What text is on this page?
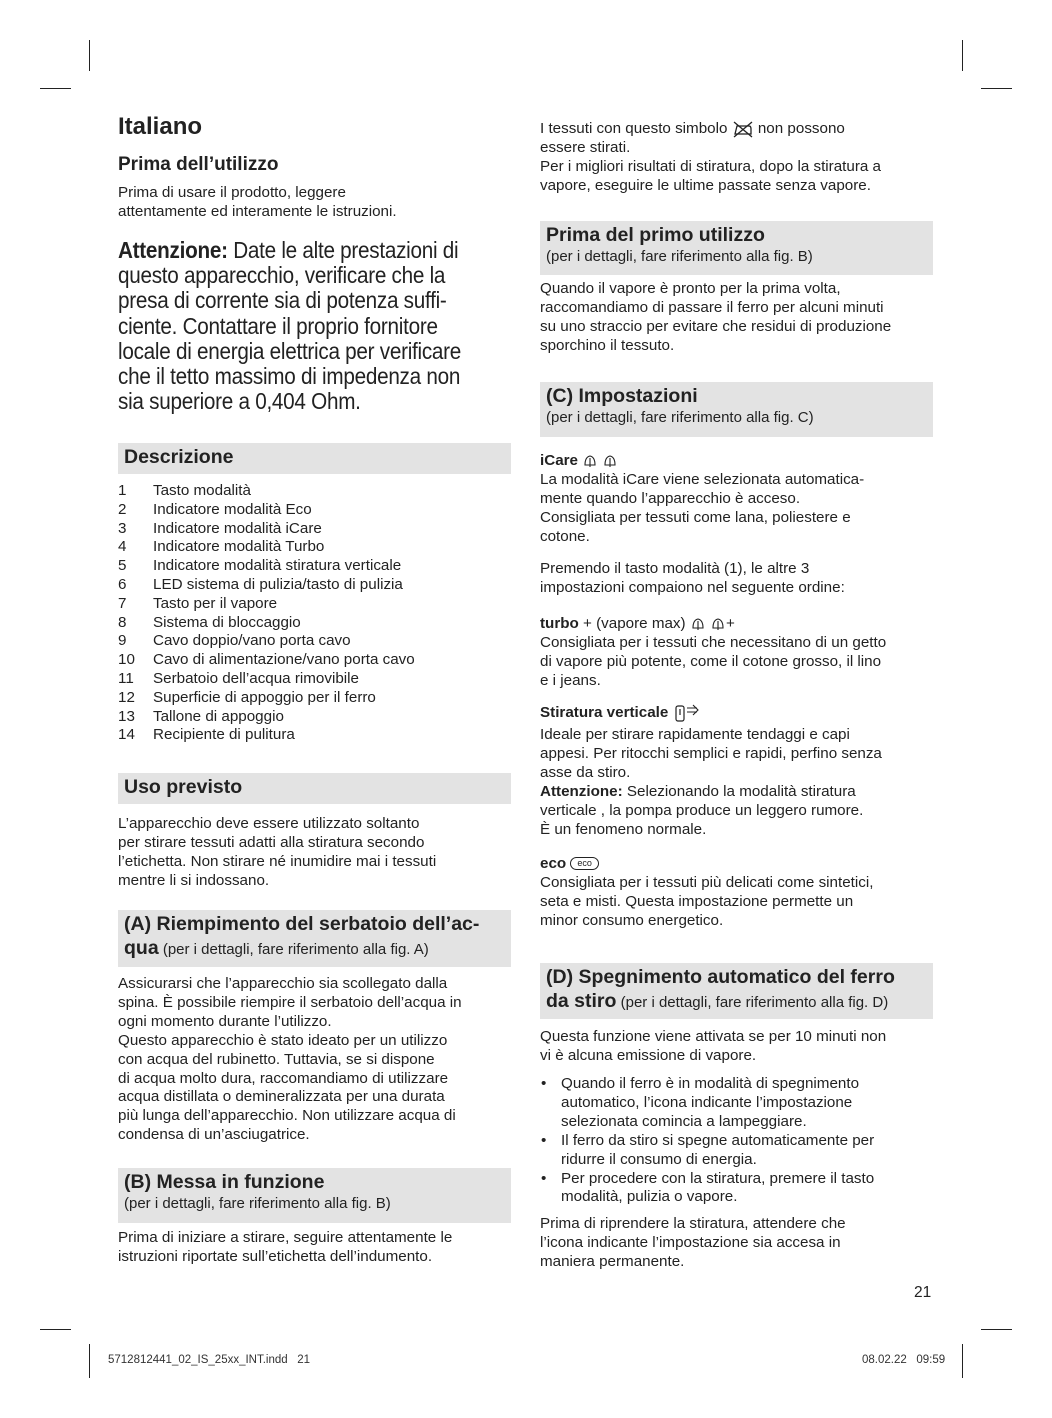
Italiano
Prima dell’utilizzo

Prima di usare il prodotto, leggere

attentamente ed interamente le istruzioni.

Attenzione: Date le alte prestazioni di
questo apparecchio, verificare che la
presa di corrente sia di potenza suffi-
ciente. Contattare il proprio fornitore
locale di energia elettrica per verificare
che il tetto massimo di impedenza non
sia superiore a 0,404 Ohm.
Descrizione
1	Tasto modalità
2	Indicatore modalità Eco
3	Indicatore modalità iCare
4	Indicatore modalità Turbo
5	Indicatore modalità stiratura verticale
6	LED sistema di pulizia/tasto di pulizia
7	Tasto per il vapore
8	Sistema di bloccaggio
9	Cavo doppio/vano porta cavo
10	Cavo di alimentazione/vano porta cavo
11	Serbatoio dell’acqua rimovibile
12	Superficie di appoggio per il ferro
13	Tallone di appoggio
14	Recipiente di pulitura
Uso previsto

L’apparecchio deve essere utilizzato soltanto

per stirare tessuti adatti alla stiratura secondo

l’etichetta. Non stirare né inumidire mai i tessuti

mentre li si indossano.

(A) Riempimento del serbatoio dell’ac-
qua (per i dettagli, fare riferimento alla fig. A)

Assicurarsi che l’apparecchio sia scollegato dalla

spina. È possibile riempire il serbatoio dell’acqua in

ogni momento durante l’utilizzo.

Questo apparecchio è stato ideato per un utilizzo

con acqua del rubinetto. Tuttavia, se si dispone

di acqua molto dura, raccomandiamo di utilizzare

acqua distillata o demineralizzata per una durata

più lunga dell’apparecchio. Non utilizzare acqua di

condensa di un’asciugatrice.

(B) Messa in funzione
(per i dettagli, fare riferimento alla fig. B)

Prima di iniziare a stirare, seguire attentamente le

istruzioni riportate sull’etichetta dell’indumento.

I tessuti con questo simbolo  non possono

essere stirati.

Per i migliori risultati di stiratura, dopo la stiratura a

vapore, eseguire le ultime passate senza vapore.

Prima del primo utilizzo
(per i dettagli, fare riferimento alla fig. B)

Quando il vapore è pronto per la prima volta,

raccomandiamo di passare il ferro per alcuni minuti

su uno straccio per evitare che residui di produzione

sporchino il tessuto.

(C) Impostazioni
(per i dettagli, fare riferimento alla fig. C)

iCare

La modalità iCare viene selezionata automatica-

mente quando l’apparecchio è acceso.

Consigliata per tessuti come lana, poliestere e

cotone.

Premendo il tasto modalità (1), le altre 3

impostazioni compaiono nel seguente ordine:

turbo + (vapore max)  +

Consigliata per i tessuti che necessitano di un getto

di vapore più potente, come il cotone grosso, il lino

e i jeans.

Stiratura verticale

Ideale per stirare rapidamente tendaggi e capi

appesi. Per ritocchi semplici e rapidi, perfino senza

asse da stiro.

Attenzione: Selezionando la modalità stiratura

verticale , la pompa produce un leggero rumore.

È un fenomeno normale.

eco eco

Consigliata per i tessuti più delicati come sintetici,

seta e misti. Questa impostazione permette un

minor consumo energetico.

(D) Spegnimento automatico del ferro
da stiro (per i dettagli, fare riferimento alla fig. D)

Questa funzione viene attivata se per 10 minuti non

vi è alcuna emissione di vapore.

• Quando il ferro è in modalità di spegnimento
automatico, l’icona indicante l’impostazione
selezionata comincia a lampeggiare.
• Il ferro da stiro si spegne automaticamente per
ridurre il consumo di energia.
• Per procedere con la stiratura, premere il tasto
modalità, pulizia o vapore.

Prima di riprendere la stiratura, attendere che

l’icona indicante l’impostazione sia accesa in

maniera permanente.

21
5712812441_02_IS_25xx_INT.indd   21	08.02.22   09:59
